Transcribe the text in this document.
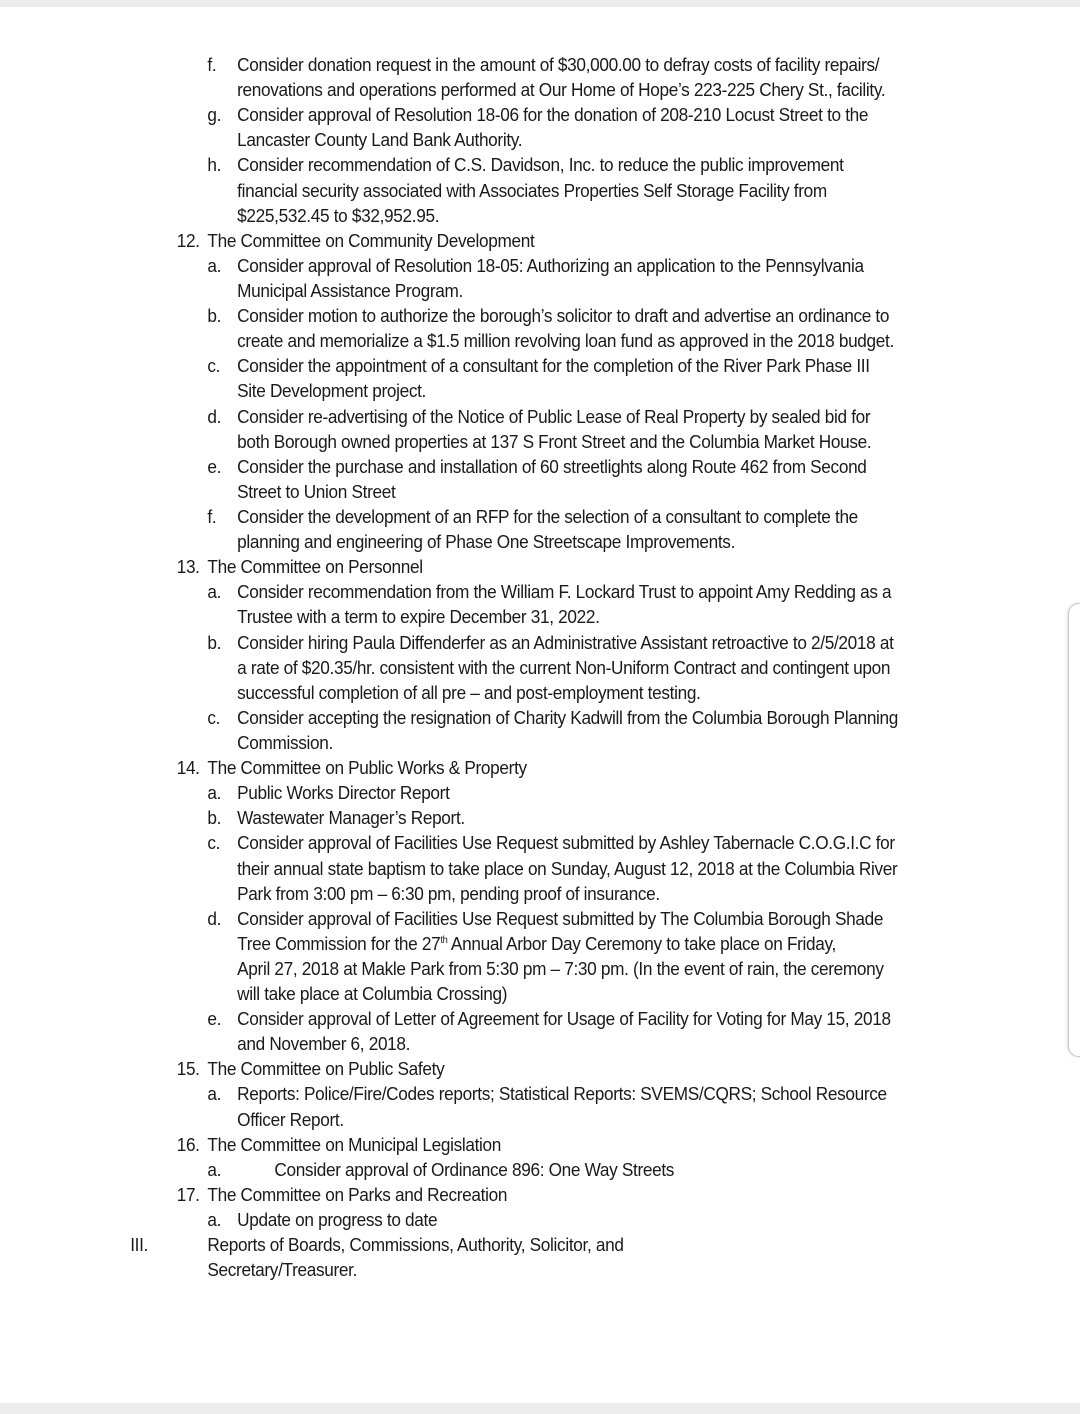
f. Consider donation request in the amount of $30,000.00 to defray costs of facility repairs/
renovations and operations performed at Our Home of Hope’s 223-225 Chery St., facility.
g. Consider approval of Resolution 18-06 for the donation of 208-210 Locust Street to the
Lancaster County Land Bank Authority.
h. Consider recommendation of C.S. Davidson, Inc. to reduce the public improvement
financial security associated with Associates Properties Self Storage Facility from
$225,532.45 to $32,952.95.
12. The Committee on Community Development
a. Consider approval of Resolution 18-05: Authorizing an application to the Pennsylvania
Municipal Assistance Program.
b. Consider motion to authorize the borough’s solicitor to draft and advertise an ordinance to
create and memorialize a $1.5 million revolving loan fund as approved in the 2018 budget.
c. Consider the appointment of a consultant for the completion of the River Park Phase III
Site Development project.
d. Consider re-advertising of the Notice of Public Lease of Real Property by sealed bid for
both Borough owned properties at 137 S Front Street and the Columbia Market House.
e. Consider the purchase and installation of 60 streetlights along Route 462 from Second
Street to Union Street
f. Consider the development of an RFP for the selection of a consultant to complete the
planning and engineering of Phase One Streetscape Improvements.
13. The Committee on Personnel
a. Consider recommendation from the William F. Lockard Trust to appoint Amy Redding as a
Trustee with a term to expire December 31, 2022.
b. Consider hiring Paula Diffenderfer as an Administrative Assistant retroactive to 2/5/2018 at
a rate of $20.35/hr. consistent with the current Non-Uniform Contract and contingent upon
successful completion of all pre – and post-employment testing.
c. Consider accepting the resignation of Charity Kadwill from the Columbia Borough Planning
Commission.
14. The Committee on Public Works & Property
a. Public Works Director Report
b. Wastewater Manager’s Report.
c. Consider approval of Facilities Use Request submitted by Ashley Tabernacle C.O.G.I.C for
their annual state baptism to take place on Sunday, August 12, 2018 at the Columbia River
Park from 3:00 pm – 6:30 pm, pending proof of insurance.
d. Consider approval of Facilities Use Request submitted by The Columbia Borough Shade
Tree Commission for the 27th Annual Arbor Day Ceremony to take place on Friday,
April 27, 2018 at Makle Park from 5:30 pm – 7:30 pm. (In the event of rain, the ceremony
will take place at Columbia Crossing)
e. Consider approval of Letter of Agreement for Usage of Facility for Voting for May 15, 2018
and November 6, 2018.
15. The Committee on Public Safety
a. Reports: Police/Fire/Codes reports; Statistical Reports: SVEMS/CQRS; School Resource
Officer Report.
16. The Committee on Municipal Legislation
a.	Consider approval of Ordinance 896: One Way Streets
17. The Committee on Parks and Recreation
a. Update on progress to date
III.	Reports of Boards, Commissions, Authority, Solicitor, and
Secretary/Treasurer.
